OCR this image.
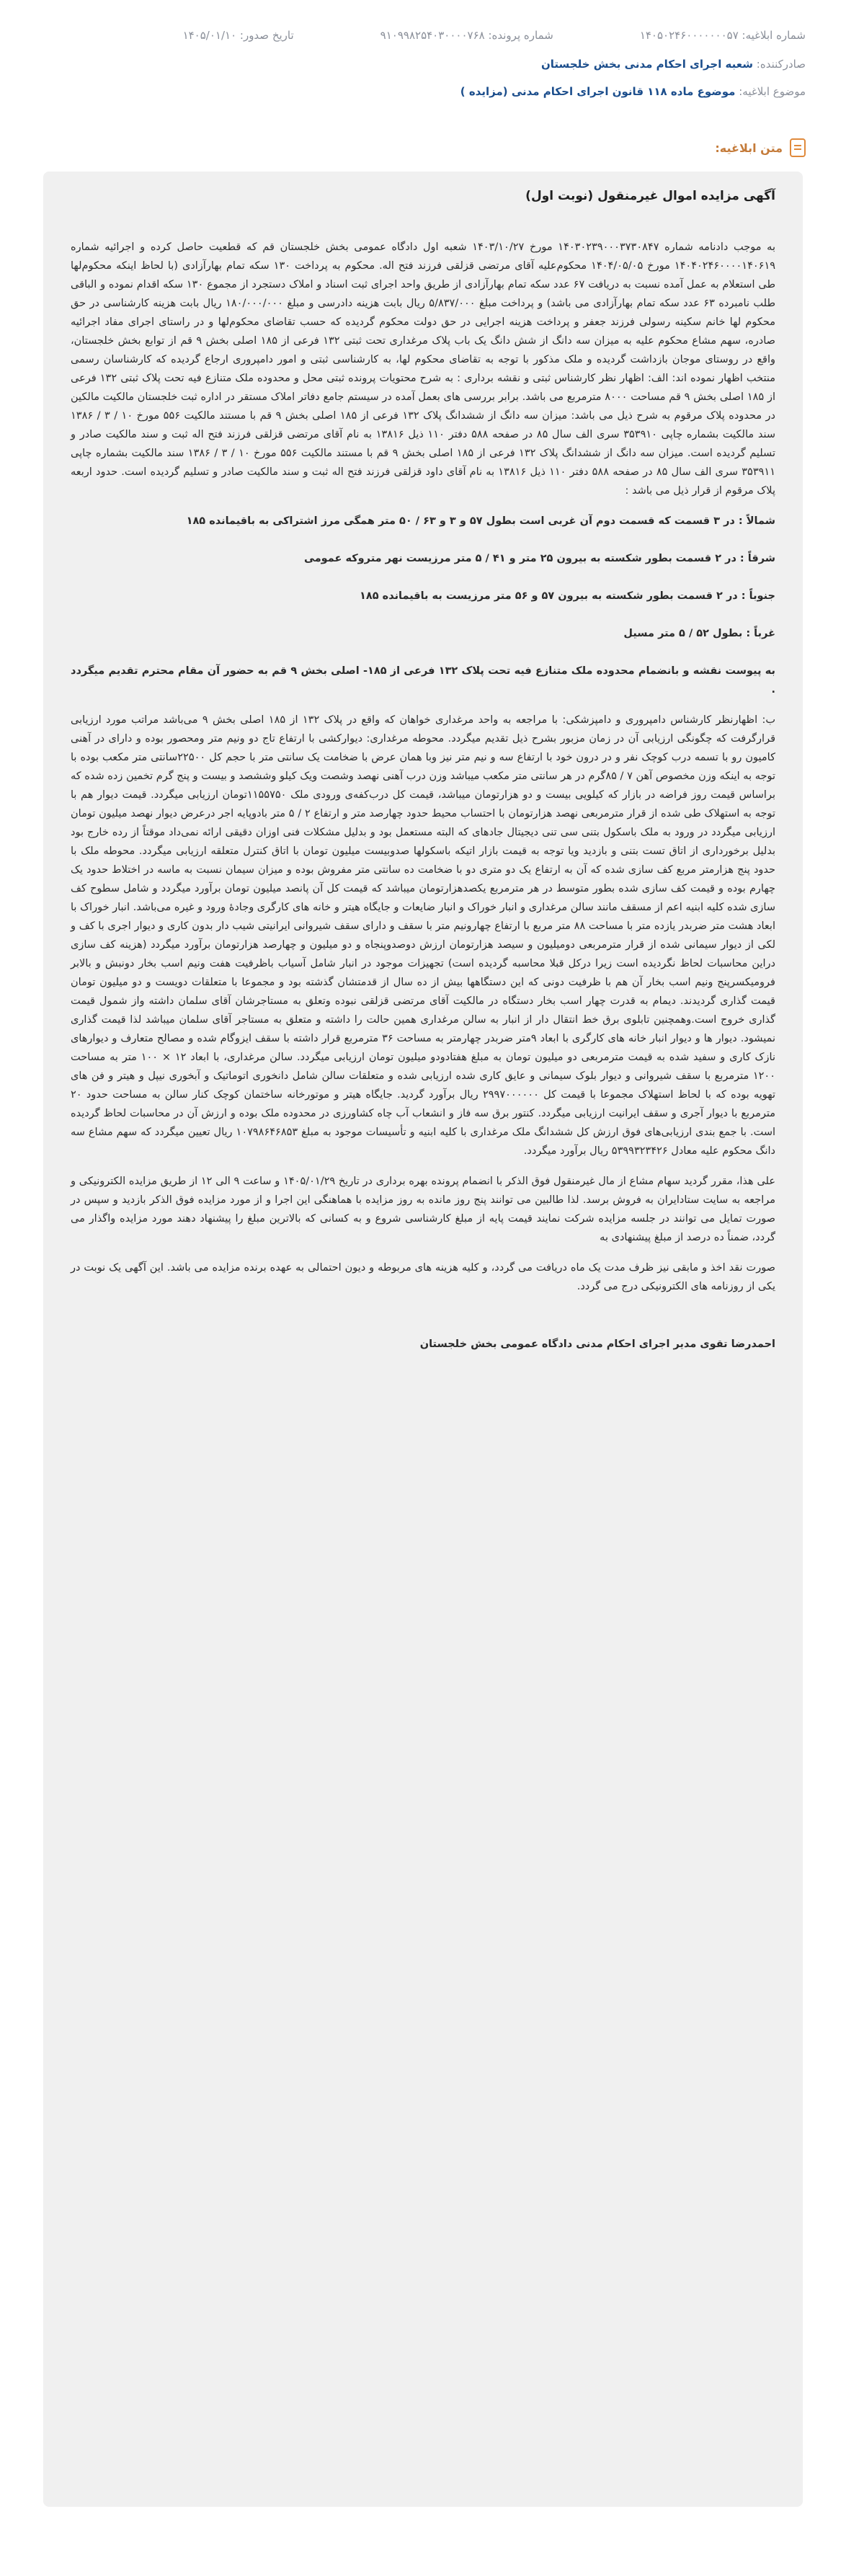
شماره ابلاغیه: ۱۴۰۵۰۲۴۶۰۰۰۰۰۰۰۵۷
شماره پرونده: ۹۱۰۹۹۸۲۵۴۰۳۰۰۰۰۷۶۸
تاریخ صدور: ۱۴۰۵/۰۱/۱۰
صادرکننده: شعبه اجرای احکام مدنی بخش خلجستان
موضوع ابلاغیه: موضوع ماده ۱۱۸ قانون اجرای احکام مدنی (مزایده )
متن ابلاغیه:
آگهی مزایده اموال غیرمنقول (نوبت اول)

به موجب دادنامه شماره ۱۴۰۳۰۲۳۹۰۰۰۳۷۳۰۸۴۷ مورخ ۱۴۰۳/۱۰/۲۷ شعبه اول دادگاه عمومی بخش خلجستان قم که قطعیت حاصل کرده و اجرائیه شماره ۱۴۰۴۰۲۴۶۰۰۰۰۱۴۰۶۱۹ مورخ ۱۴۰۴/۰۵/۰۵ محکوم‌علیه آقای مرتضی قزلقی فرزند فتح اله. محکوم به پرداخت ۱۳۰ سکه تمام بهارآزادی (با لحاظ اینکه محکوم‌لها طی استعلام به عمل آمده نسبت به دریافت ۶۷ عدد سکه تمام بهارآزادی از طریق واحد اجرای ثبت اسناد و املاک دستجرد از مجموع ۱۳۰ سکه اقدام نموده و الباقی طلب نامبرده ۶۳ عدد سکه تمام بهارآزادی می باشد) و پرداخت مبلغ ۵/۸۳۷/۰۰۰ ریال بابت هزینه دادرسی و مبلغ ۱۸۰/۰۰۰/۰۰۰ ریال بابت هزینه کارشناسی در حق محکوم لها خانم سکینه رسولی فرزند جعفر و پرداخت هزینه اجرایی در حق دولت محکوم گردیده که حسب تقاضای محکوم‌لها و در راستای اجرای مفاد اجرائیه صادره، سهم مشاع محکوم علیه به میزان سه دانگ از شش دانگ یک باب پلاک مرغداری تحت ثبتی ۱۳۲ فرعی از ۱۸۵ اصلی بخش ۹ قم از توابع بخش خلجستان، واقع در روستای موجان بازداشت گردیده و ملک مذکور با توجه به تقاضای محکوم لها، به کارشناسی ثبتی و امور دامپروری ارجاع گردیده که کارشناسان رسمی منتخب اظهار نموده اند: الف: اظهار نظر کارشناس ثبتی و نقشه برداری : به شرح محتویات پرونده ثبتی محل و محدوده ملک متنازع فیه تحت پلاک ثبتی ۱۳۲ فرعی از ۱۸۵ اصلی بخش ۹ قم مساحت ۸۰۰۰ مترمربع می باشد. برابر بررسی های بعمل آمده در سیستم جامع دفاتر املاک مستقر در اداره ثبت خلجستان مالکیت مالکین در محدوده پلاک مرقوم به شرح ذیل می باشد: میزان سه دانگ از ششدانگ پلاک ۱۳۲ فرعی از ۱۸۵ اصلی بخش ۹ قم با مستند مالکیت ۵۵۶ مورخ ۱۰ / ۳ / ۱۳۸۶ سند مالکیت بشماره چاپی ۳۵۳۹۱۰ سری الف سال ۸۵ در صفحه ۵۸۸ دفتر ۱۱۰ ذیل ۱۳۸۱۶ به نام آقای مرتضی قزلقی فرزند فتح اله ثبت و سند مالکیت صادر و تسلیم گردیده است. میزان سه دانگ از ششدانگ پلاک ۱۳۲ فرعی از ۱۸۵ اصلی بخش ۹ قم با مستند مالکیت ۵۵۶ مورخ ۱۰ / ۳ / ۱۳۸۶ سند مالکیت بشماره چاپی ۳۵۳۹۱۱ سری الف سال ۸۵ در صفحه ۵۸۸ دفتر ۱۱۰ ذیل ۱۳۸۱۶ به نام آقای داود قزلقی فرزند فتح اله ثبت و سند مالکیت صادر و تسلیم گردیده است. حدود اربعه پلاک مرقوم از قرار ذیل می باشد :

شمالاً : در ۳ قسمت که قسمت دوم آن غربی است بطول ۵۷ و ۳ و ۶۳ / ۵۰ متر همگی مرز اشتراکی به باقیمانده ۱۸۵

شرقاً : در ۲ قسمت بطور شکسته به بیرون ۲۵ متر و ۴۱ / ۵ متر مرزیست نهر متروکه عمومی

جنوباً : در ۲ قسمت بطور شکسته به بیرون ۵۷ و ۵۶ متر مرزیست به باقیمانده ۱۸۵

غرباً : بطول ۵۲ / ۵ متر مسیل

به پیوست نقشه و بانضمام محدوده ملک متنازع فیه تحت پلاک ۱۳۲ فرعی از ۱۸۵- اصلی بخش ۹ قم به حضور آن مقام محترم تقدیم میگردد .

ب: اظهارنظر کارشناس دامپروری و دامپزشکی: با مراجعه به واحد مرغداری خواهان که واقع در پلاک ۱۳۲ از ۱۸۵ اصلی بخش ۹ می‌باشد مراتب مورد ارزیابی قرارگرفت که چگونگی ارزیابی آن در زمان مزبور بشرح ذیل تقدیم میگردد. محوطه مرغداری: دیوارکشی با ارتفاع تاج دو ونیم متر ومحصور بوده و دارای در آهنی کامیون رو با تسمه درب کوچک نفر و در درون خود با ارتفاع سه و نیم متر نیز وبا همان عرض با ضخامت یک سانتی متر با حجم کل ۲۲۵۰۰سانتی متر مکعب بوده با توجه به اینکه وزن مخصوص آهن ۷ / ۸۵گرم در هر سانتی متر مکعب میباشد وزن درب آهنی نهصد وشصت ویک کیلو وششصد و بیست و پنج گرم تخمین زده شده که براساس قیمت روز فراضه در بازار که کیلویی بیست و دو هزارتومان میباشد، قیمت کل درب‌کفه‌ی ورودی ملک ۱۱۵۵۷۵۰تومان ارزیابی میگردد. قیمت دیوار هم با توجه به استهلاک طی شده از قرار مترمربعی نهصد هزارتومان با احتساب محیط حدود چهارصد متر و ارتفاع ۲ / ۵ متر بادوپایه اجر درعرض دیوار نهصد میلیون تومان ارزیابی میگردد در ورود به ملک باسکول بتنی سی تنی دیجیتال جادهای که البته مستعمل بود و بدلیل مشکلات فنی اوزان دقیقی ارائه نمی‌داد موقتاً از رده خارج بود بدلیل برخورداری از اتاق تست بتنی و بازدید ویا توجه به قیمت بازار اتیکه باسکولها صدوبیست میلیون تومان با اتاق کنترل متعلقه ارزیابی میگردد. محوطه ملک با حدود پنج هزارمتر مربع کف سازی شده که آن به ارتفاع یک دو متری دو با ضخامت ده سانتی متر مفروش بوده و میزان سیمان نسبت به ماسه در اختلاط حدود یک چهارم بوده و قیمت کف سازی شده بطور متوسط در هر مترمربع یکصدهزارتومان میباشد که قیمت کل آن پانصد میلیون تومان برآورد میگردد و شامل سطوح کف سازی شده کلیه ابنیه اعم از مسقف مانند سالن مرغداری و انبار خوراک و انبار ضایعات و جایگاه هیتر و خانه های کارگری وجادهٔ ورود و غیره می‌باشد. انبار خوراک با ابعاد هشت متر ضربدر یازده متر با مساحت ۸۸ متر مربع با ارتفاع چهارونیم متر با سقف و دارای سقف شیروانی ایرانیتی شیب دار بدون کاری و دیوار اجری با کف و لکی از دیوار سیمانی شده از قرار مترمربعی دومیلیون و سیصد هزارتومان ارزش دوصدوپنجاه و دو میلیون و چهارصد هزارتومان برآورد میگردد (هزینه کف سازی دراین محاسبات لحاظ نگردیده است زیرا درکل قبلا محاسبه گردیده است) تجهیزات موجود در انبار شامل آسیاب باظرفیت هفت ونیم اسب بخار دونبش و بالابر فرومیکسرپنج ونیم اسب بخار آن هم با ظرفیت دونی که این دستگاهها بیش از ده سال از قدمتشان گذشته بود و مجموعا با متعلقات دویست و دو میلیون تومان قیمت گذاری گردیدند. دیمام به قدرت چهار اسب بخار دستگاه در مالکیت آقای مرتضی قزلقی نبوده وتعلق به مستاجرشان آقای سلمان داشته واز شمول قیمت گذاری خروج است.وهمچنین تابلوی برق خط انتقال دار از انبار به سالن مرغداری همین حالت را داشته و متعلق به مستاجر آقای سلمان میباشد لذا قیمت گذاری نمیشود. دیوار ها و دیوار انبار خانه های کارگری با ابعاد ۹متر ضربدر چهارمتر به مساحت ۳۶ مترمربع قرار داشته با سقف ایزوگام شده و مصالح متعارف و دیوارهای نازک کاری و سفید شده به قیمت مترمربعی دو میلیون تومان به مبلغ هفتادودو میلیون تومان ارزیابی میگردد. سالن مرغداری، با ابعاد ۱۲ × ۱۰۰ متر به مساحت ۱۲۰۰ مترمربع با سقف شیروانی و دیوار بلوک سیمانی و عایق کاری شده ارزیابی شده و متعلقات سالن شامل دانخوری اتوماتیک و آبخوری نیپل و هیتر و فن های تهویه بوده که با لحاظ استهلاک مجموعا با قیمت کل ۲۹۹۷۰۰۰۰۰۰ ریال برآورد گردید. جایگاه هیتر و موتورخانه ساختمان کوچک کنار سالن به مساحت حدود ۲۰ مترمربع با دیوار آجری و سقف ایرانیت ارزیابی میگردد. کنتور برق سه فاز و انشعاب آب چاه کشاورزی در محدوده ملک بوده و ارزش آن در محاسبات لحاظ گردیده است. با جمع بندی ارزیابی‌های فوق ارزش کل ششدانگ ملک مرغداری با کلیه ابنیه و تأسیسات موجود به مبلغ ۱۰۷۹۸۶۴۶۸۵۳ ریال تعیین میگردد که سهم مشاع سه دانگ محکوم علیه معادل ۵۳۹۹۳۲۳۴۲۶ ریال برآورد میگردد.

علی هذا، مقرر گردید سهام مشاع از مال غیرمنقول فوق الذکر با انضمام پرونده بهره برداری در تاریخ ۱۴۰۵/۰۱/۲۹ و ساعت ۹ الی ۱۲ از طریق مزایده الکترونیکی و مراجعه به سایت ستادایران به فروش برسد. لذا طالبین می توانند پنج روز مانده به روز مزایده با هماهنگی این اجرا و از مورد مزایده فوق الذکر بازدید و سپس در صورت تمایل می توانند در جلسه مزایده شرکت نمایند قیمت پایه از مبلغ کارشناسی شروع و به کسانی که بالاترین مبلغ را پیشنهاد دهند مورد مزایده واگذار می گردد، ضمناً ده درصد از مبلغ پیشنهادی به

صورت نقد اخذ و مابقی نیز ظرف مدت یک ماه دریافت می گردد، و کلیه هزینه های مربوطه و دیون احتمالی به عهده برنده مزایده می باشد. این آگهی یک نوبت در یکی از روزنامه های الکترونیکی درج می گردد.

احمدرضا تقوی مدیر اجرای احکام مدنی دادگاه عمومی بخش خلجستان
